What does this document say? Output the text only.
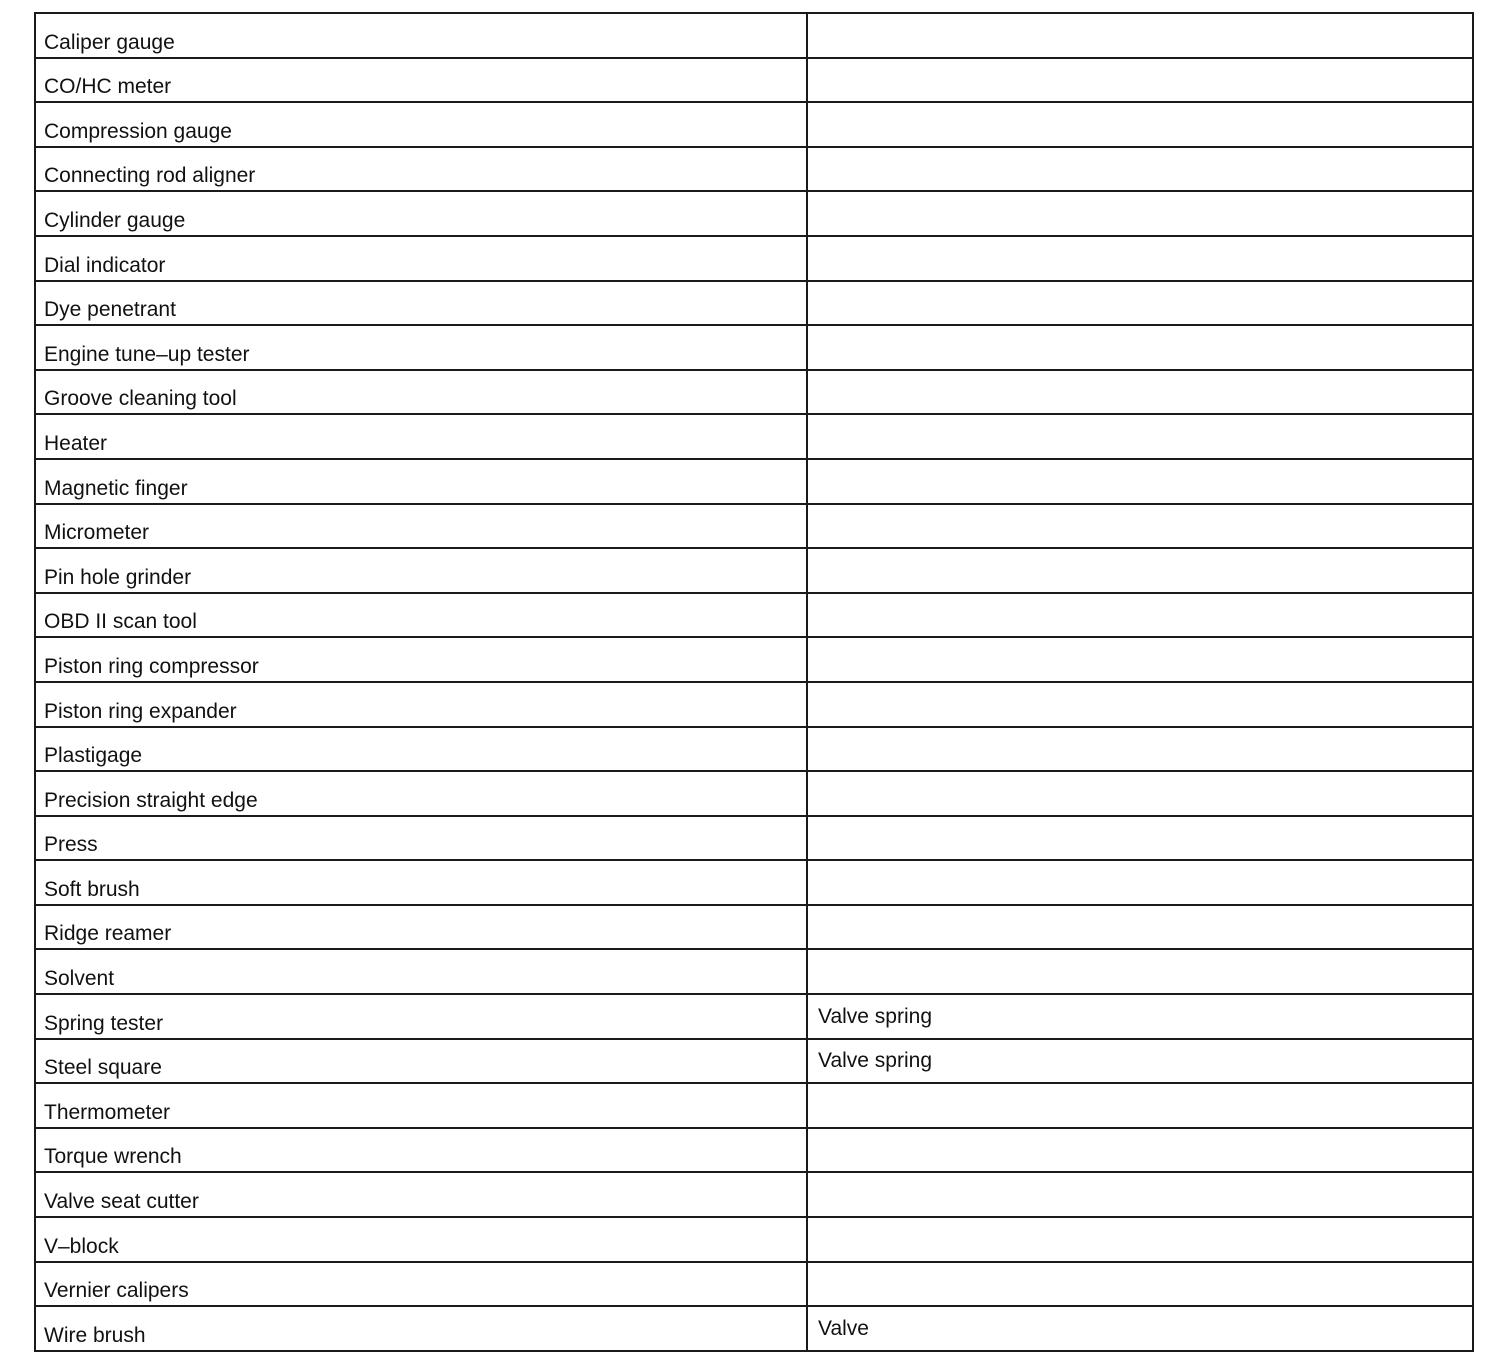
Caliper gauge	
CO/HC meter	
Compression gauge	
Connecting rod aligner	
Cylinder gauge	
Dial indicator	
Dye penetrant	
Engine tune–up tester	
Groove cleaning tool	
Heater	
Magnetic finger	
Micrometer	
Pin hole grinder	
OBD II scan tool	
Piston ring compressor	
Piston ring expander	
Plastigage	
Precision straight edge	
Press	
Soft brush	
Ridge reamer	
Solvent	
Spring tester	Valve spring
Steel square	Valve spring
Thermometer	
Torque wrench	
Valve seat cutter	
V–block	
Vernier calipers	
Wire brush	Valve
